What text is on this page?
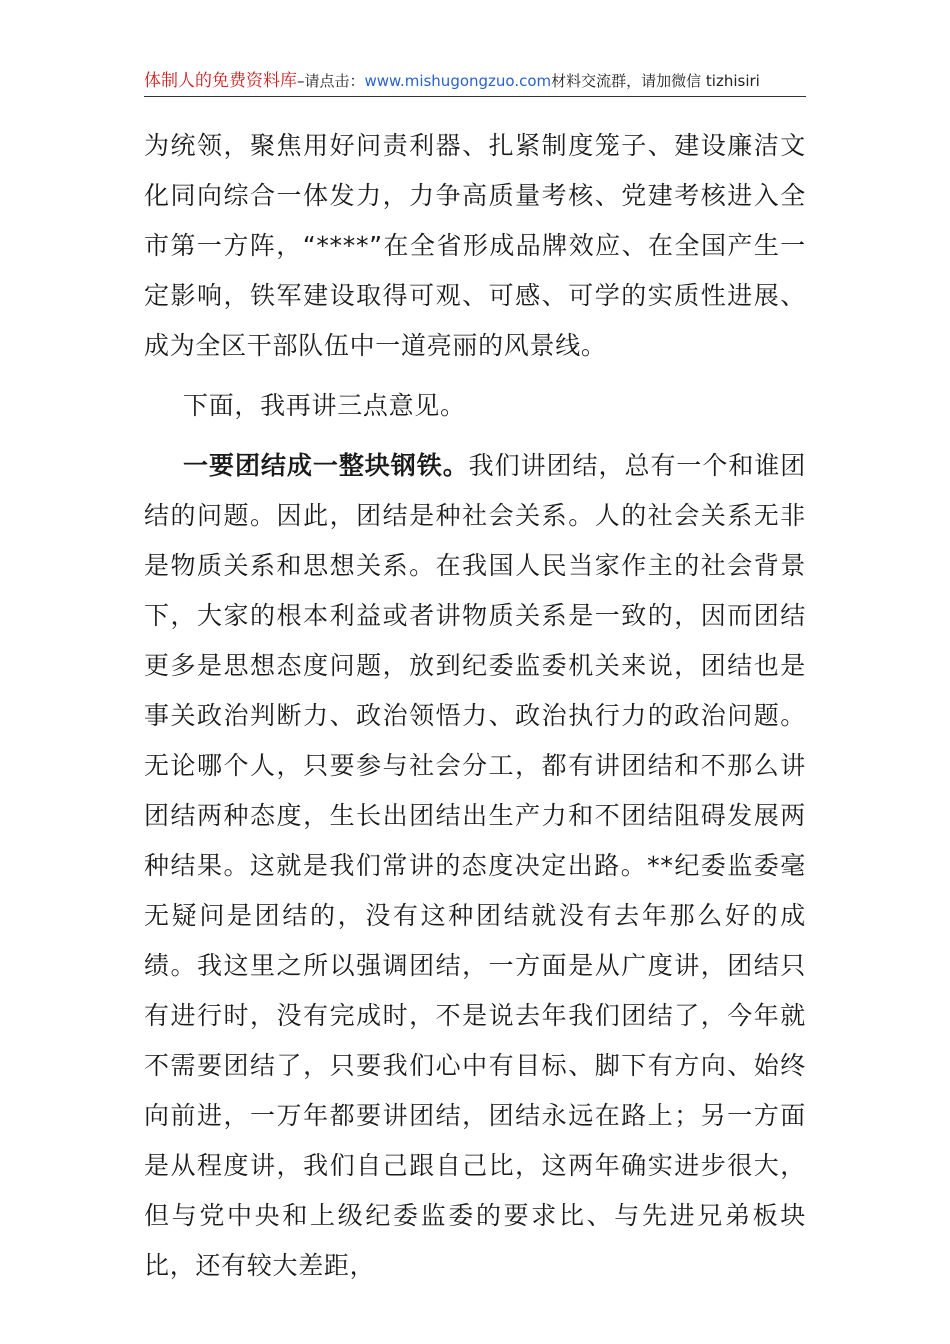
体制人的免费资料库–请点击：www.mishugongzuo.com材料交流群，请加微信 tizhisiri

为统领，聚焦用好问责利器、扎紧制度笼子、建设廉洁文化同向综合一体发力，力争高质量考核、党建考核进入全市第一方阵，“****”在全省形成品牌效应、在全国产生一定影响，铁军建设取得可观、可感、可学的实质性进展、成为全区干部队伍中一道亮丽的风景线。

下面，我再讲三点意见。

一要团结成一整块钢铁。我们讲团结，总有一个和谁团结的问题。因此，团结是种社会关系。人的社会关系无非是物质关系和思想关系。在我国人民当家作主的社会背景下，大家的根本利益或者讲物质关系是一致的，因而团结更多是思想态度问题，放到纪委监委机关来说，团结也是事关政治判断力、政治领悟力、政治执行力的政治问题。无论哪个人，只要参与社会分工，都有讲团结和不那么讲团结两种态度，生长出团结出生产力和不团结阻碍发展两种结果。这就是我们常讲的态度决定出路。**纪委监委毫无疑问是团结的，没有这种团结就没有去年那么好的成绩。我这里之所以强调团结，一方面是从广度讲，团结只有进行时，没有完成时，不是说去年我们团结了，今年就不需要团结了，只要我们心中有目标、脚下有方向、始终向前进，一万年都要讲团结，团结永远在路上；另一方面是从程度讲，我们自己跟自己比，这两年确实进步很大，但与党中央和上级纪委监委的要求比、与先进兄弟板块比，还有较大差距，
